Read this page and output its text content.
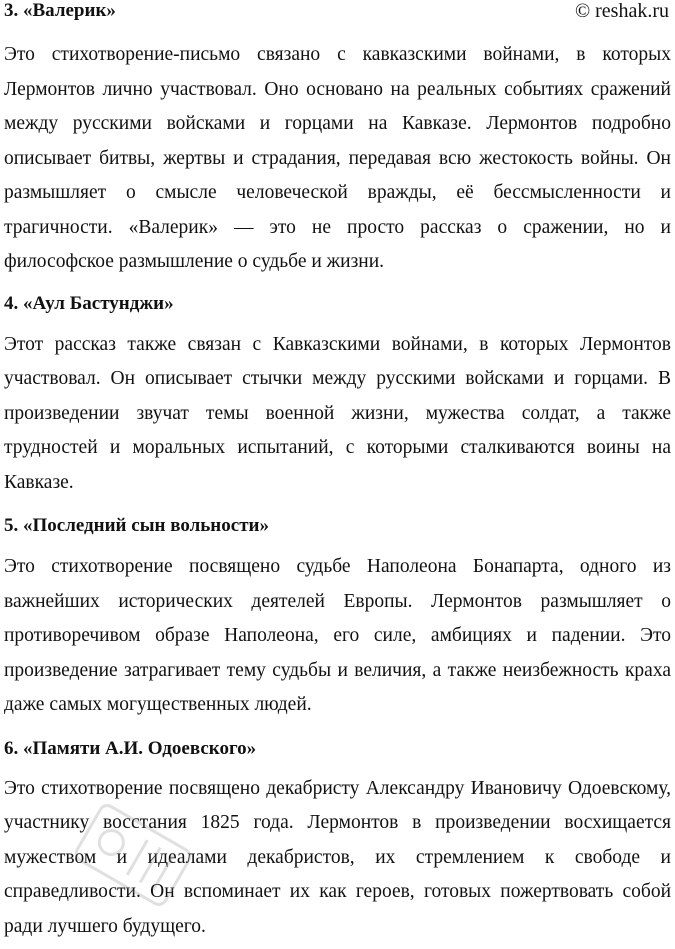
© reshak.ru
3. «Валерик»

Это стихотворение-письмо связано с кавказскими войнами, в которых Лермонтов лично участвовал. Оно основано на реальных событиях сражений между русскими войсками и горцами на Кавказе. Лермонтов подробно описывает битвы, жертвы и страдания, передавая всю жестокость войны. Он размышляет о смысле человеческой вражды, её бессмысленности и трагичности. «Валерик» — это не просто рассказ о сражении, но и философское размышление о судьбе и жизни.

4. «Аул Бастунджи»

Этот рассказ также связан с Кавказскими войнами, в которых Лермонтов участвовал. Он описывает стычки между русскими войсками и горцами. В произведении звучат темы военной жизни, мужества солдат, а также трудностей и моральных испытаний, с которыми сталкиваются воины на Кавказе.

5. «Последний сын вольности»

Это стихотворение посвящено судьбе Наполеона Бонапарта, одного из важнейших исторических деятелей Европы. Лермонтов размышляет о противоречивом образе Наполеона, его силе, амбициях и падении. Это произведение затрагивает тему судьбы и величия, а также неизбежность краха даже самых могущественных людей.

6. «Памяти А.И. Одоевского»

Это стихотворение посвящено декабристу Александру Ивановичу Одоевскому, участнику восстания 1825 года. Лермонтов в произведении восхищается мужеством и идеалами декабристов, их стремлением к свободе и справедливости. Он вспоминает их как героев, готовых пожертвовать собой ради лучшего будущего.
